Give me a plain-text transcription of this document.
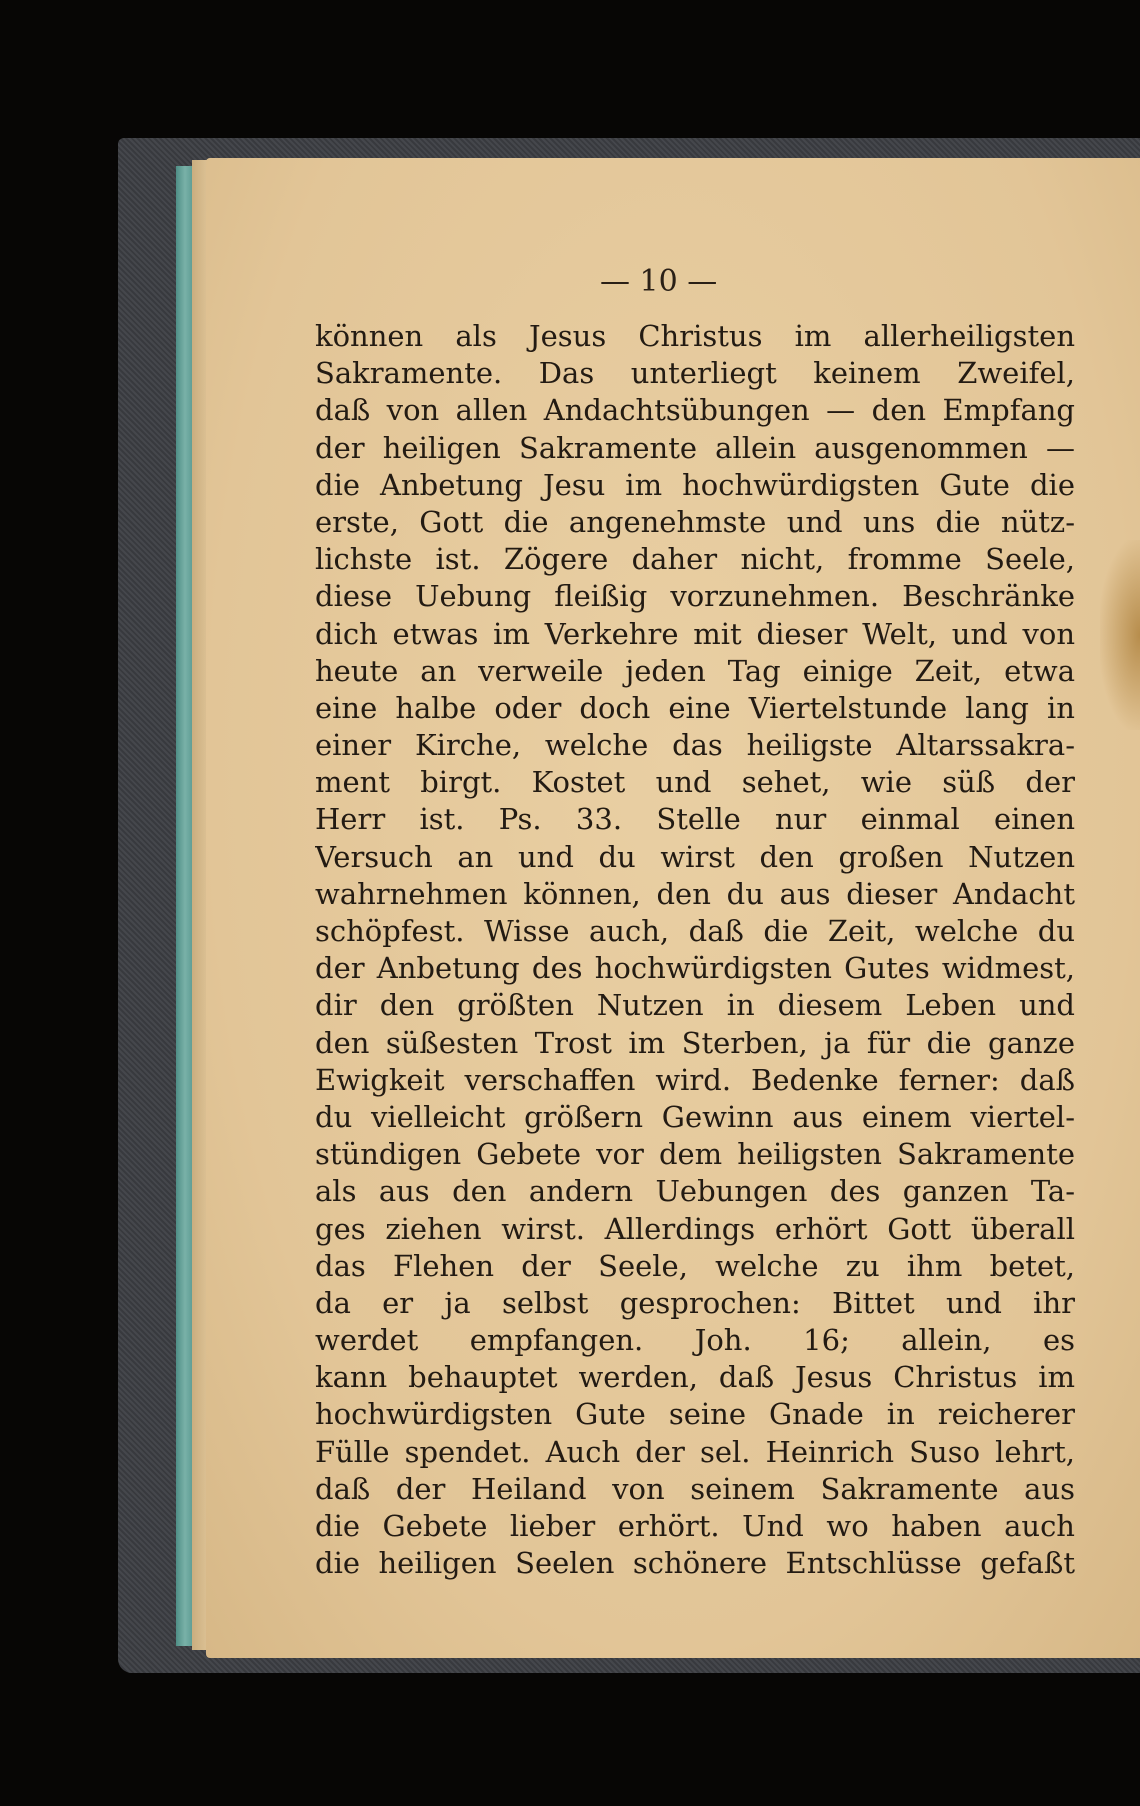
— 10 —
können als Jesus Christus im allerheiligsten
Sakramente. Das unterliegt keinem Zweifel,
daß von allen Andachtsübungen — den Empfang
der heiligen Sakramente allein ausgenommen —
die Anbetung Jesu im hochwürdigsten Gute die
erste, Gott die angenehmste und uns die nütz-
lichste ist. Zögere daher nicht, fromme Seele,
diese Uebung fleißig vorzunehmen. Beschränke
dich etwas im Verkehre mit dieser Welt, und von
heute an verweile jeden Tag einige Zeit, etwa
eine halbe oder doch eine Viertelstunde lang in
einer Kirche, welche das heiligste Altarssakra-
ment birgt. Kostet und sehet, wie süß der
Herr ist. Ps. 33. Stelle nur einmal einen
Versuch an und du wirst den großen Nutzen
wahrnehmen können, den du aus dieser Andacht
schöpfest. Wisse auch, daß die Zeit, welche du
der Anbetung des hochwürdigsten Gutes widmest,
dir den größten Nutzen in diesem Leben und
den süßesten Trost im Sterben, ja für die ganze
Ewigkeit verschaffen wird. Bedenke ferner: daß
du vielleicht größern Gewinn aus einem viertel-
stündigen Gebete vor dem heiligsten Sakramente
als aus den andern Uebungen des ganzen Ta-
ges ziehen wirst. Allerdings erhört Gott überall
das Flehen der Seele, welche zu ihm betet,
da er ja selbst gesprochen: Bittet und ihr
werdet empfangen. Joh. 16; allein, es
kann behauptet werden, daß Jesus Christus im
hochwürdigsten Gute seine Gnade in reicherer
Fülle spendet. Auch der sel. Heinrich Suso lehrt,
daß der Heiland von seinem Sakramente aus
die Gebete lieber erhört. Und wo haben auch
die heiligen Seelen schönere Entschlüsse gefaßt
